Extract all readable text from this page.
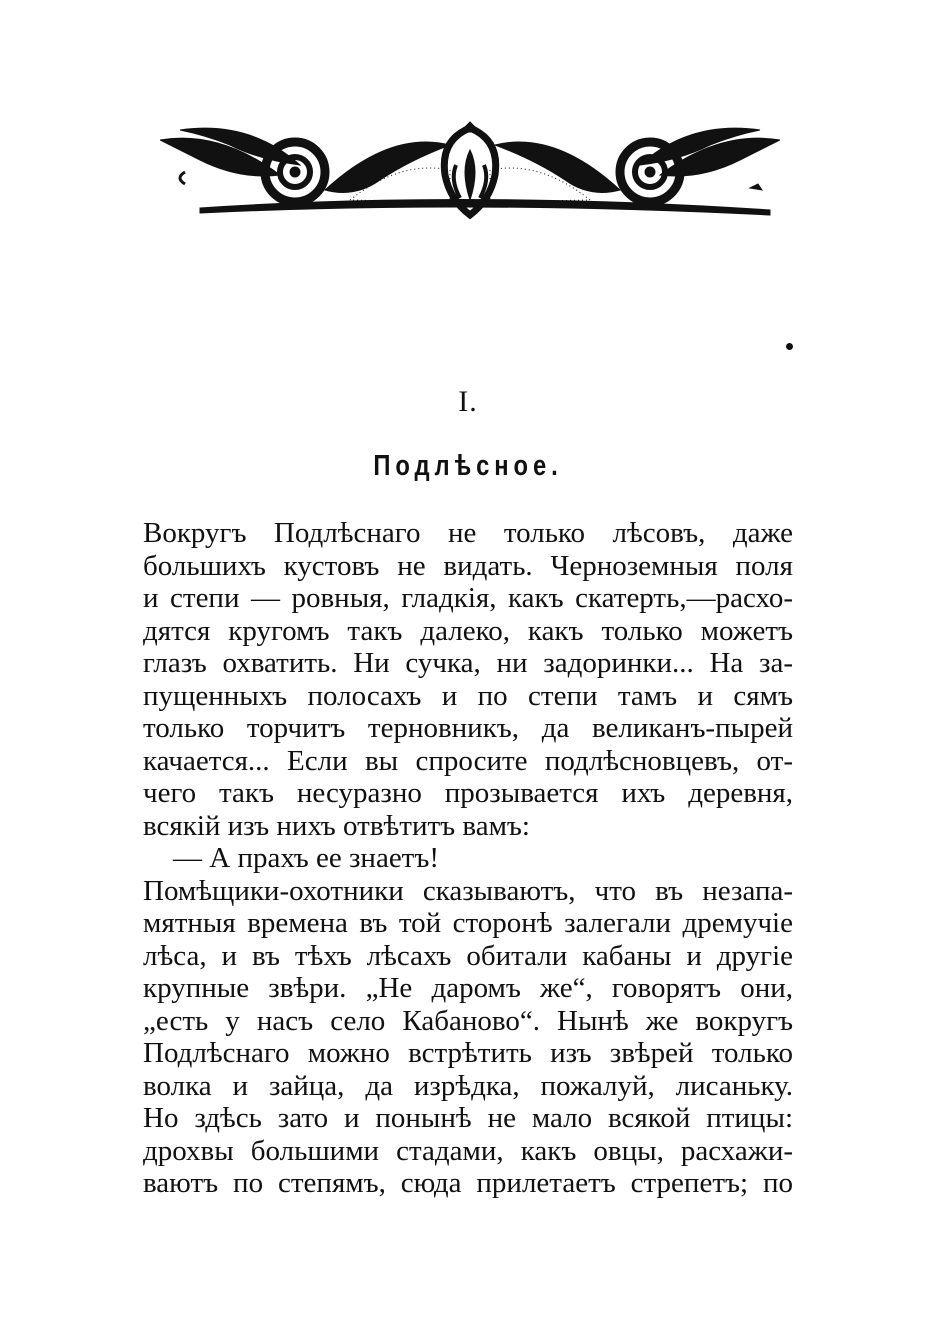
I.
Подлѣсное.
Вокругъ Подлѣснаго не только лѣсовъ, даже
большихъ кустовъ не видать. Черноземныя поля
и степи — ровныя, гладкія, какъ скатерть,—расхо-
дятся кругомъ такъ далеко, какъ только можетъ
глазъ охватить. Ни сучка, ни задоринки... На за-
пущенныхъ полосахъ и по степи тамъ и сямъ
только торчитъ терновникъ, да великанъ-пырей
качается... Если вы спросите подлѣсновцевъ, от-
чего такъ несуразно прозывается ихъ деревня,
всякій изъ нихъ отвѣтитъ вамъ:
— А прахъ ее знаетъ!
Помѣщики-охотники сказываютъ, что въ незапа-
мятныя времена въ той сторонѣ залегали дремучіе
лѣса, и въ тѣхъ лѣсахъ обитали кабаны и другіе
крупные звѣри. „Не даромъ же“, говорятъ они,
„есть у насъ село Кабаново“. Нынѣ же вокругъ
Подлѣснаго можно встрѣтить изъ звѣрей только
волка и зайца, да изрѣдка, пожалуй, лисаньку.
Но здѣсь зато и понынѣ не мало всякой птицы:
дрохвы большими стадами, какъ овцы, расхажи-
ваютъ по степямъ, сюда прилетаетъ стрепетъ; по
